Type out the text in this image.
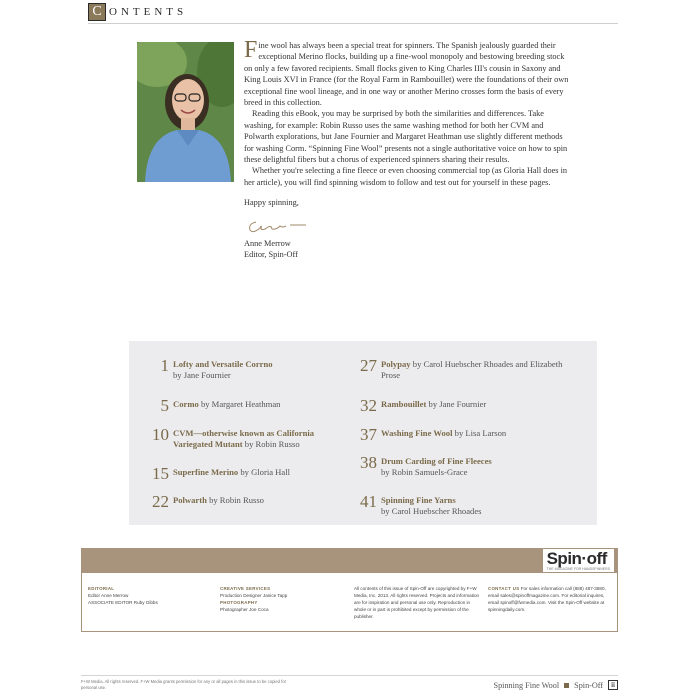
C ONTENTS

Fine wool has always been a special treat for spinners. The Spanish jealously guarded their exceptional Merino flocks, building up a fine-wool monopoly and bestowing breeding stock on only a few favored recipients. Small flocks given to King Charles III's cousin in Saxony and King Louis XVI in France (for the Royal Farm in Rambouillet) were the foundations of their own exceptional fine wool lineage, and in one way or another Merino crosses form the basis of every breed in this collection.

Reading this eBook, you may be surprised by both the similarities and differences. Take washing, for example: Robin Russo uses the same washing method for both her CVM and Polwarth explorations, but Jane Fournier and Margaret Heathman use slightly different methods for washing Corm. “Spinning Fine Wool” presents not a single authoritative voice on how to spin these delightful fibers but a chorus of experienced spinners sharing their results.

Whether you're selecting a fine fleece or even choosing commercial top (as Gloria Hall does in her article), you will find spinning wisdom to follow and test out for yourself in these pages.

Happy spinning,

Anne Merrow

Editor, Spin-Off

1 Lofty and Versatile Corrno
by Jane Fournier
5 Cormo by Margaret Heathman
10 CVM—otherwise known as California Variegated Mutant by Robin Russo
15 Superfine Merino by Gloria Hall
22 Polwarth by Robin Russo
27 Polypay by Carol Huebscher Rhoades and Elizabeth Prose
32 Rambouillet by Jane Fournier
37 Washing Fine Wool by Lisa Larson
38 Drum Carding of Fine Fleeces
by Robin Samuels-Grace
41 Spinning Fine Yarns
by Carol Huebscher Rhoades
Spin·off
THE MAGAZINE FOR HANDSPINNERS
EDITORIAL
Editor Anne Merrow
ASSOCIATE EDITOR Ruby Gibbs
CREATIVE SERVICES
Production Designer Janice Tapp
PHOTOGRAPHY
Photographer Joe Coca
All contents of this issue of Spin-Off are copyrighted by F+W Media, Inc. 2013. All rights reserved. Projects and information are for inspiration and personal use only. Reproduction in whole or in part is prohibited except by permission of the publisher.
CONTACT US For sales information call (888) 487-3880, email sales@spinoffmagazine.com. For editorial inquires, email spinoff@fwmedia.com. Visit the Spin-Off website at spinningdaily.com.
F+W Media. All rights reserved. F+W Media grants permission for any or all pages in this issue to be copied for personal use.	Spinning Fine Wool Spin-Off	ii
